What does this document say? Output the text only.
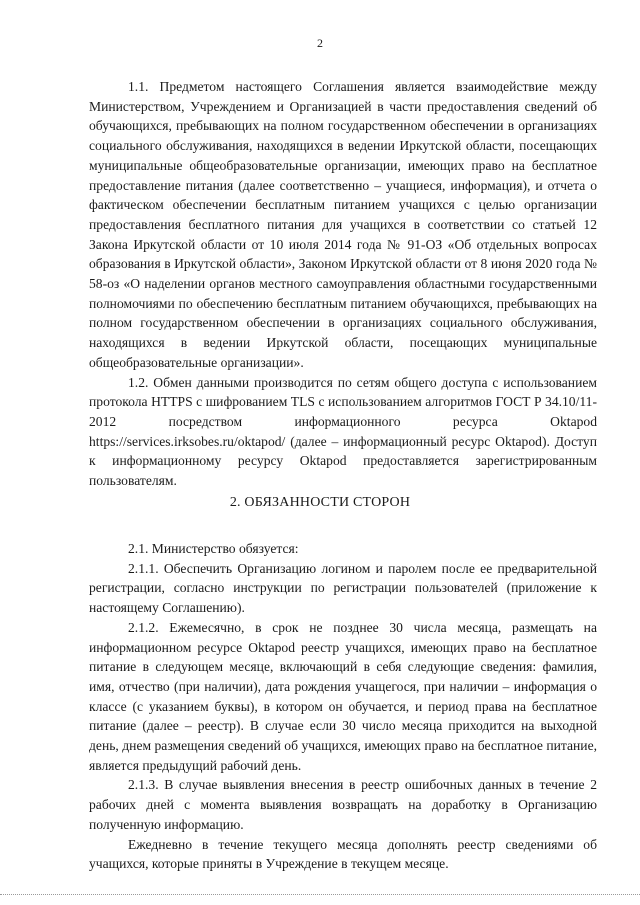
2

1.1. Предметом настоящего Соглашения является взаимодействие между Министерством, Учреждением и Организацией в части предоставления сведений об обучающихся, пребывающих на полном государственном обеспечении в организациях социального обслуживания, находящихся в ведении Иркутской области, посещающих муниципальные общеобразовательные организации, имеющих право на бесплатное предоставление питания (далее соответственно – учащиеся, информация), и отчета о фактическом обеспечении бесплатным питанием учащихся с целью организации предоставления бесплатного питания для учащихся в соответствии со статьей 12 Закона Иркутской области от 10 июля 2014 года № 91-ОЗ «Об отдельных вопросах образования в Иркутской области», Законом Иркутской области от 8 июня 2020 года № 58-оз «О наделении органов местного самоуправления областными государственными полномочиями по обеспечению бесплатным питанием обучающихся, пребывающих на полном государственном обеспечении в организациях социального обслуживания, находящихся в ведении Иркутской области, посещающих муниципальные общеобразовательные организации».

1.2. Обмен данными производится по сетям общего доступа с использованием протокола HTTPS с шифрованием TLS с использованием алгоритмов ГОСТ Р 34.10/11-2012 посредством информационного ресурса Oktapod https://services.irksobes.ru/oktapod/ (далее – информационный ресурс Oktapod). Доступ к информационному ресурсу Oktapod предоставляется зарегистрированным пользователям.

2. ОБЯЗАННОСТИ СТОРОН

2.1. Министерство обязуется:

2.1.1. Обеспечить Организацию логином и паролем после ее предварительной регистрации, согласно инструкции по регистрации пользователей (приложение к настоящему Соглашению).

2.1.2. Ежемесячно, в срок не позднее 30 числа месяца, размещать на информационном ресурсе Oktapod реестр учащихся, имеющих право на бесплатное питание в следующем месяце, включающий в себя следующие сведения: фамилия, имя, отчество (при наличии), дата рождения учащегося, при наличии – информация о классе (с указанием буквы), в котором он обучается, и период права на бесплатное питание (далее – реестр). В случае если 30 число месяца приходится на выходной день, днем размещения сведений об учащихся, имеющих право на бесплатное питание, является предыдущий рабочий день.

2.1.3. В случае выявления внесения в реестр ошибочных данных в течение 2 рабочих дней с момента выявления возвращать на доработку в Организацию полученную информацию.

Ежедневно в течение текущего месяца дополнять реестр сведениями об учащихся, которые приняты в Учреждение в текущем месяце.
